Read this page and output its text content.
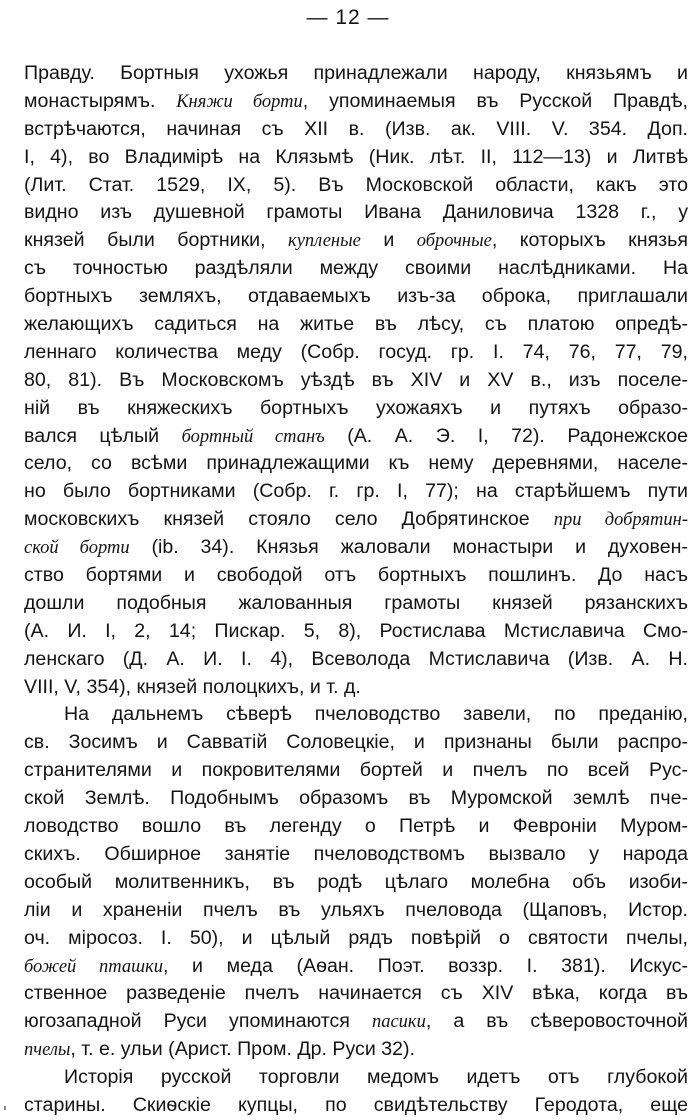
— 12 —
Правду. Бортныя ухожья принадлежали народу, князьямъ и
монастырямъ. Княжи борти, упоминаемыя въ Русской Правдѣ,
встрѣчаются, начиная съ XII в. (Изв. ак. VIII. V. 354. Доп.
I, 4), во Владимірѣ на Клязьмѣ (Ник. лѣт. II, 112—13) и Литвѣ
(Лит. Стат. 1529, IX, 5). Въ Московской области, какъ это
видно изъ душевной грамоты Ивана Даниловича 1328 г., у
князей были бортники, купленые и оброчные, которыхъ князья
съ точностью раздѣляли между своими наслѣдниками. На
бортныхъ земляхъ, отдаваемыхъ изъ-за оброка, приглашали
желающихъ садиться на житье въ лѣсу, съ платою опредѣ-
леннаго количества меду (Собр. госуд. гр. I. 74, 76, 77, 79,
80, 81). Въ Московскомъ уѣздѣ въ XIV и XV в., изъ поселе-
ній въ княжескихъ бортныхъ ухожаяхъ и путяхъ образо-
вался цѣлый бортный станъ (А. А. Э. I, 72). Радонежское
село, со всѣми принадлежащими къ нему деревнями, населе-
но было бортниками (Собр. г. гр. I, 77); на старѣйшемъ пути
московскихъ князей стояло село Добрятинское при добрятин-
ской борти (ib. 34). Князья жаловали монастыри и духовен-
ство бортями и свободой отъ бортныхъ пошлинъ. До насъ
дошли подобныя жалованныя грамоты князей рязанскихъ
(А. И. I, 2, 14; Пискар. 5, 8), Ростислава Мстиславича Смо-
ленскаго (Д. А. И. I. 4), Всеволода Мстиславича (Изв. А. Н.
VIII, V, 354), князей полоцкихъ, и т. д.
На дальнемъ сѣверѣ пчеловодство завели, по преданію,
св. Зосимъ и Савватій Соловецкіе, и признаны были распро-
странителями и покровителями бортей и пчелъ по всей Рус-
ской Землѣ. Подобнымъ образомъ въ Муромской землѣ пче-
ловодство вошло въ легенду о Петрѣ и Февроніи Муром-
скихъ. Обширное занятіе пчеловодствомъ вызвало у народа
особый молитвенникъ, въ родѣ цѣлаго молебна объ изоби-
ліи и храненіи пчелъ въ ульяхъ пчеловода (Щаповъ, Истор.
оч. міросоз. I. 50), и цѣлый рядъ повѣрій о святости пчелы,
божей пташки, и меда (Аѳан. Поэт. воззр. I. 381). Искус-
ственное разведеніе пчелъ начинается съ XIV вѣка, когда въ
югозападной Руси упоминаются пасики, а въ сѣверовосточной
пчелы, т. е. ульи (Арист. Пром. Др. Руси 32).
Исторія русской торговли медомъ идетъ отъ глубокой
старины. Скиѳскіе купцы, по свидѣтельству Геродота, еще
